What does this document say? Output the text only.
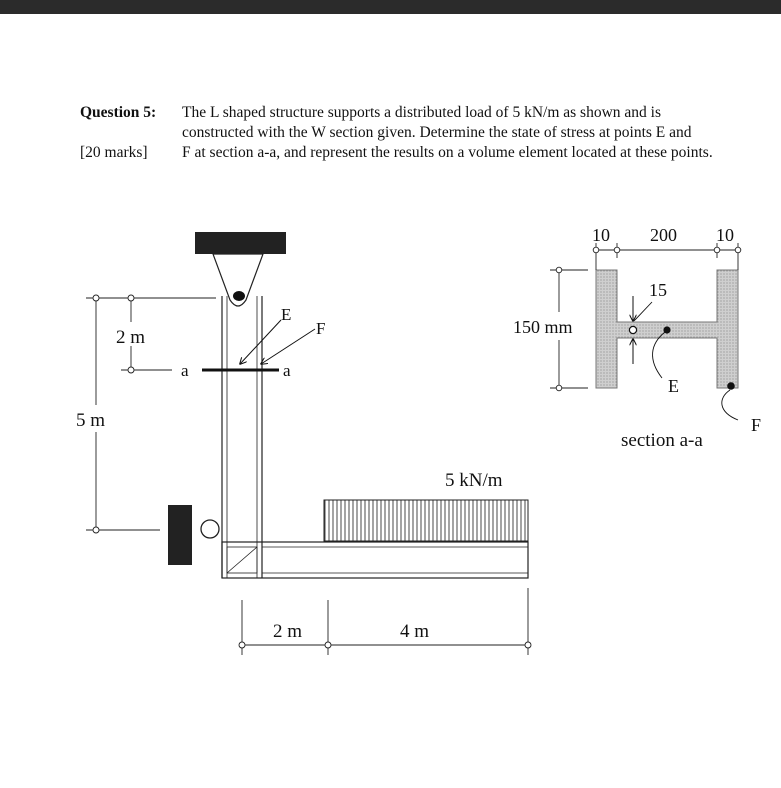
Question 5:
[20 marks]
The L shaped structure supports a distributed load of 5 kN/m as shown and is
constructed with the W section given. Determine the state of stress at points E and
F at section a-a, and represent the results on a volume element located at these points.
5 kN/m
a	a
E
F
2 m
5 m
2 m	4 m
10 200 10
150 mm
15
E
F
section a-a
